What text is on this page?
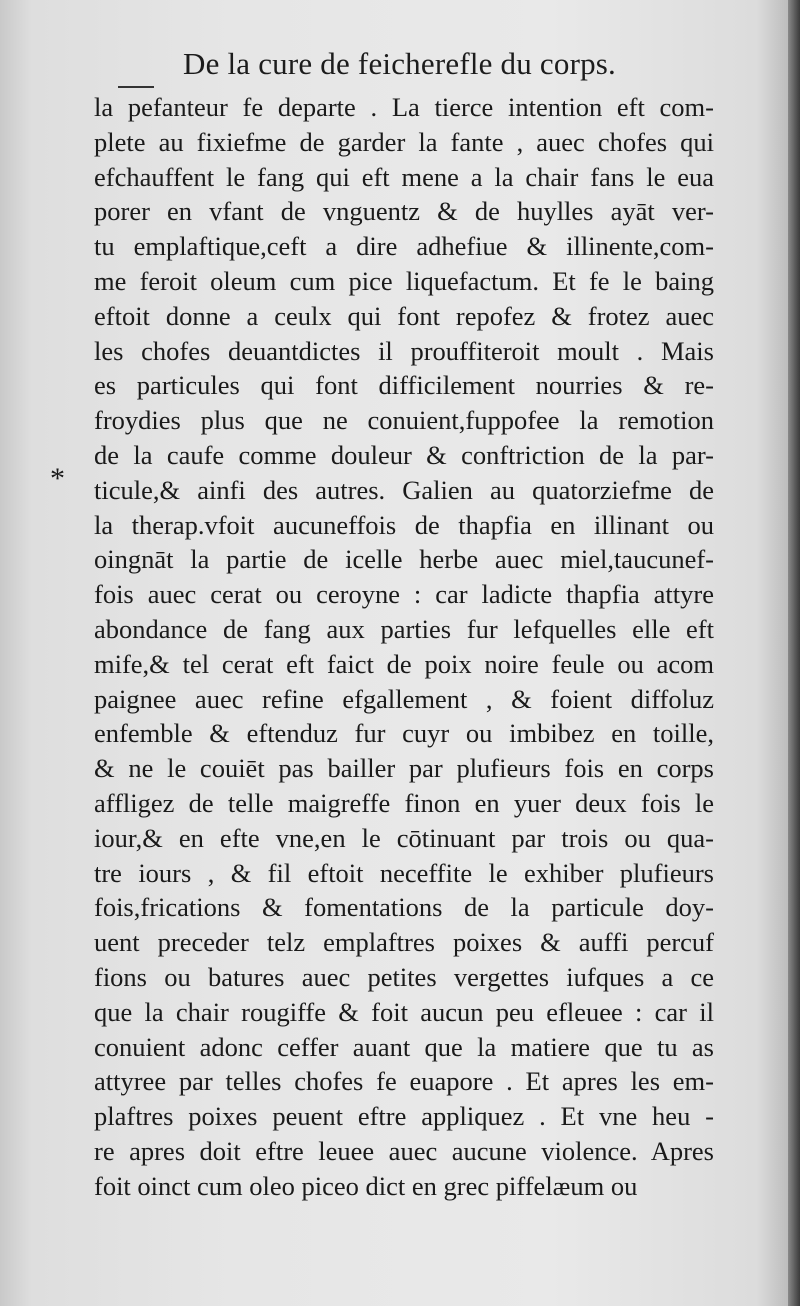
De la cure de feicherefle du corps.
*
la pefanteur fe departe . La tierce intention eft com-
plete au fixiefme de garder la fante , auec chofes qui
efchauffent le fang qui eft mene a la chair fans le eua
porer en vfant de vnguentz & de huylles ayāt ver-
tu emplaftique,ceft a dire adhefiue & illinente,com-
me feroit oleum cum pice liquefactum. Et fe le baing
eftoit donne a ceulx qui font repofez & frotez auec
les chofes deuantdictes il prouffiteroit moult . Mais
es particules qui font difficilement nourries & re-
froydies plus que ne conuient,fuppofee la remotion
de la caufe comme douleur & conftriction de la par-
ticule,& ainfi des autres. Galien au quatorziefme de
la therap.vfoit aucuneffois de thapfia en illinant ou
oingnāt la partie de icelle herbe auec miel,taucunef-
fois auec cerat ou ceroyne : car ladicte thapfia attyre
abondance de fang aux parties fur lefquelles elle eft
mife,& tel cerat eft faict de poix noire feule ou acom
paignee auec refine efgallement , & foient diffoluz
enfemble & eftenduz fur cuyr ou imbibez en toille,
& ne le couiēt pas bailler par plufieurs fois en corps
affligez de telle maigreffe finon en yuer deux fois le
iour,& en efte vne,en le cōtinuant par trois ou qua-
tre iours , & fil eftoit neceffite le exhiber plufieurs
fois,frications & fomentations de la particule doy-
uent preceder telz emplaftres poixes & auffi percuf
fions ou batures auec petites vergettes iufques a ce
que la chair rougiffe & foit aucun peu efleuee : car il
conuient adonc ceffer auant que la matiere que tu as
attyree par telles chofes fe euapore . Et apres les em-
plaftres poixes peuent eftre appliquez . Et vne heu -
re apres doit eftre leuee auec aucune violence. Apres
foit oinct cum oleo piceo dict en grec piffelæum ou
